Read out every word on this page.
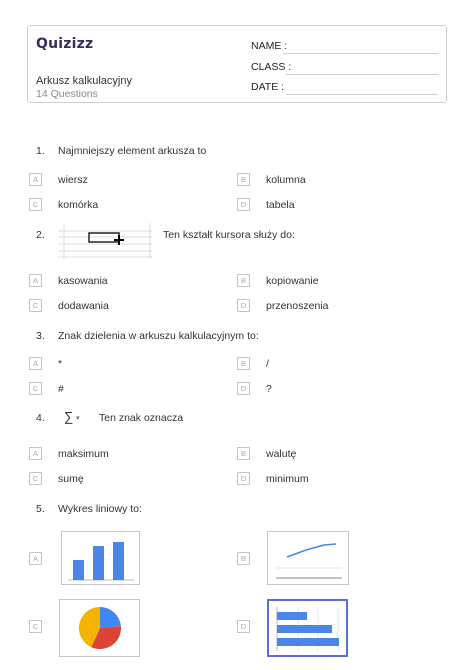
Quizizz
Arkusz kalkulacyjny
14 Questions
NAME :
CLASS :
DATE :
1. Najmniejszy element arkusza to
A	wiersz	B	kolumna
C	komórka	D	tabela
2.	Ten kształt kursora służy do:
A	kasowania	B	kopiowanie
C	dodawania	D	przenoszenia
3. Znak dzielenia w arkuszu kalkulacyjnym to:
A	*	B	/
C	#	D	?
4. ∑ ▾ Ten znak oznacza
A	maksimum	B	walutę
C	sumę	D	minimum
5. Wykres liniowy to:
A	B
C	D
